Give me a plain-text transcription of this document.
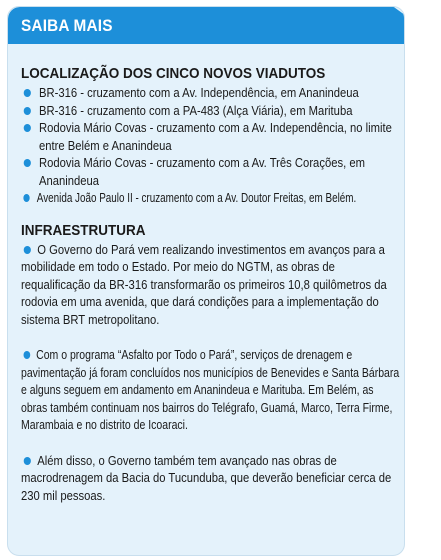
SAIBA MAIS
LOCALIZAÇÃO DOS CINCO NOVOS VIADUTOS
BR-316 - cruzamento com a Av. Independência, em Ananindeua
BR-316 - cruzamento com a PA-483 (Alça Viária), em Marituba
Rodovia Mário Covas - cruzamento com a Av. Independência, no limite entre Belém e Ananindeua
Rodovia Mário Covas - cruzamento com a Av. Três Corações, em Ananindeua
Avenida João Paulo II - cruzamento com a Av. Doutor Freitas, em Belém.
INFRAESTRUTURA

O Governo do Pará vem realizando investimentos em avanços para a mobilidade em todo o Estado. Por meio do NGTM, as obras de requalificação da BR-316 transformarão os primeiros 10,8 quilômetros da rodovia em uma avenida, que dará condições para a implementação do sistema BRT metropolitano.

Com o programa “Asfalto por Todo o Pará”, serviços de drenagem e pavimentação já foram concluídos nos municípios de Benevides e Santa Bárbara e alguns seguem em andamento em Ananindeua e Marituba. Em Belém, as obras também continuam nos bairros do Telégrafo, Guamá, Marco, Terra Firme, Marambaia e no distrito de Icoaraci.

Além disso, o Governo também tem avançado nas obras de macrodrenagem da Bacia do Tucunduba, que deverão beneficiar cerca de 230 mil pessoas.
